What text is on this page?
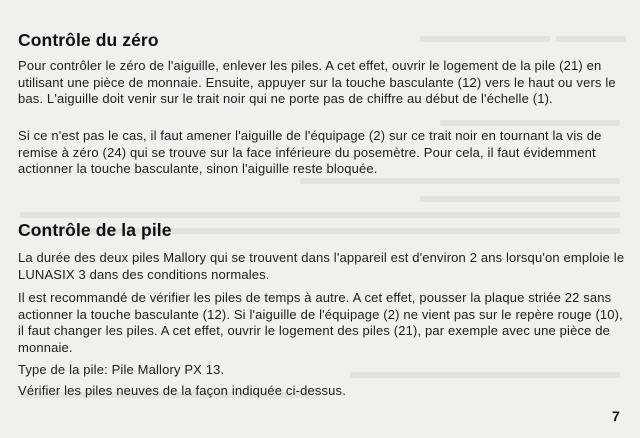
Contrôle du zéro

Pour contrôler le zéro de l'aiguille, enlever les piles. A cet effet, ouvrir le logement de la pile (21) en utilisant une pièce de monnaie. Ensuite, appuyer sur la touche basculante (12) vers le haut ou vers le bas. L'aiguille doit venir sur le trait noir qui ne porte pas de chiffre au début de l'échelle (1).

Si ce n'est pas le cas, il faut amener l'aiguille de l'équipage (2) sur ce trait noir en tournant la vis de remise à zéro (24) qui se trouve sur la face inférieure du posemètre. Pour cela, il faut évidemment actionner la touche basculante, sinon l'aiguille reste bloquée.

Contrôle de la pile

La durée des deux piles Mallory qui se trouvent dans l'appareil est d'environ 2 ans lorsqu'on emploie le LUNASIX 3 dans des conditions normales.

Il est recommandé de vérifier les piles de temps à autre. A cet effet, pousser la plaque striée 22 sans actionner la touche basculante (12). Si l'aiguille de l'équipage (2) ne vient pas sur le repère rouge (10), il faut changer les piles. A cet effet, ouvrir le logement des piles (21), par exemple avec une pièce de monnaie.

Type de la pile: Pile Mallory PX 13.

Vérifier les piles neuves de la façon indiquée ci-dessus.

7
